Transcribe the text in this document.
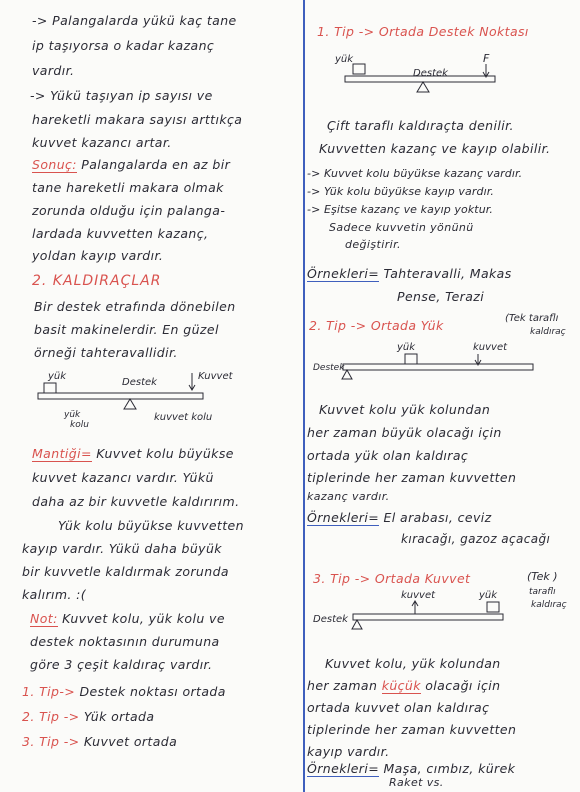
-> Palangalarda yükü kaç tane
ip taşıyorsa o kadar kazanç
vardır.
-> Yükü taşıyan ip sayısı ve
hareketli makara sayısı arttıkça
kuvvet kazancı artar.
Sonuç: Palangalarda en az bir
tane hareketli makara olmak
zorunda olduğu için palanga-
lardada kuvvetten kazanç,
yoldan kayıp vardır.
2. KALDIRAÇLAR
Bir destek etrafında dönebilen
basit makinelerdir. En güzel
örneği tahteravallidir.
yük
Destek
Kuvvet
yük
kolu
kuvvet kolu
Mantiği= Kuvvet kolu büyükse
kuvvet kazancı vardır. Yükü
daha az bir kuvvetle kaldırırım.
Yük kolu büyükse kuvvetten
kayıp vardır. Yükü daha büyük
bir kuvvetle kaldırmak zorunda
kalırım. :(
Not: Kuvvet kolu, yük kolu ve
destek noktasının durumuna
göre 3 çeşit kaldıraç vardır.
1. Tip-> Destek noktası ortada
2. Tip -> Yük ortada
3. Tip -> Kuvvet ortada
1. Tip -> Ortada Destek Noktası
yük
Destek
F
Çift taraflı kaldıraçta denilir.
Kuvvetten kazanç ve kayıp olabilir.
-> Kuvvet kolu büyükse kazanç vardır.
-> Yük kolu büyükse kayıp vardır.
-> Eşitse kazanç ve kayıp yoktur.
Sadece kuvvetin yönünü
değiştirir.
Örnekleri= Tahteravalli, Makas
Pense, Terazi
2. Tip -> Ortada Yük	(Tek taraflı
kaldıraç
yük	kuvvet
Destek
Kuvvet kolu yük kolundan
her zaman büyük olacağı için
ortada yük olan kaldıraç
tiplerinde her zaman kuvvetten
kazanç vardır.
Örnekleri= El arabası, ceviz
kıracağı, gazoz açacağı
3. Tip -> Ortada Kuvvet	(Tek )
taraflı
kaldıraç
kuvvet	yük
Destek
Kuvvet kolu, yük kolundan
her zaman küçük olacağı için
ortada kuvvet olan kaldıraç
tiplerinde her zaman kuvvetten
kayıp vardır.
Örnekleri= Maşa, cımbız, kürek
Raket vs.
